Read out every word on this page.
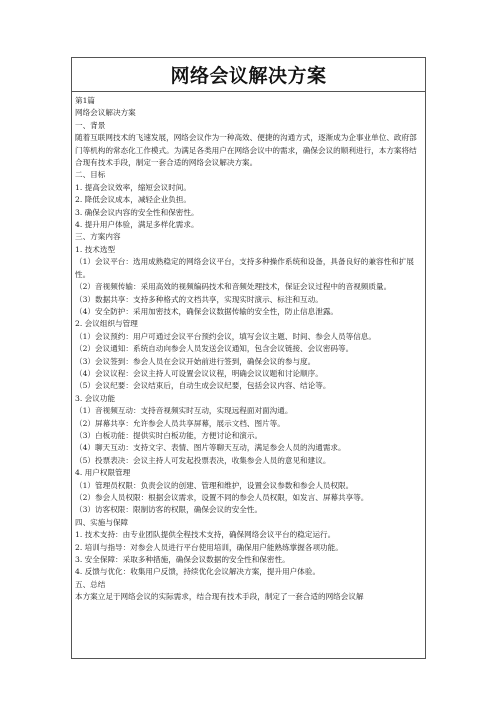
网络会议解决方案
第1篇
网络会议解决方案
一、背景
随着互联网技术的飞速发展，网络会议作为一种高效、便捷的沟通方式，逐渐成为企事业单位、政府部门等机构的常态化工作模式。为满足各类用户在网络会议中的需求，确保会议的顺利进行，本方案将结合现有技术手段，制定一套合适的网络会议解决方案。
二、目标
1. 提高会议效率，缩短会议时间。
2. 降低会议成本，减轻企业负担。
3. 确保会议内容的安全性和保密性。
4. 提升用户体验，满足多样化需求。
三、方案内容
1. 技术选型
（1）会议平台：选用成熟稳定的网络会议平台，支持多种操作系统和设备，具备良好的兼容性和扩展性。
（2）音视频传输：采用高效的视频编码技术和音频处理技术，保证会议过程中的音视频质量。
（3）数据共享：支持多种格式的文档共享，实现实时演示、标注和互动。
（4）安全防护：采用加密技术，确保会议数据传输的安全性，防止信息泄露。
2. 会议组织与管理
（1）会议预约：用户可通过会议平台预约会议，填写会议主题、时间、参会人员等信息。
（2）会议通知：系统自动向参会人员发送会议通知，包含会议链接、会议密码等。
（3）会议签到：参会人员在会议开始前进行签到，确保会议的参与度。
（4）会议议程：会议主持人可设置会议议程，明确会议议题和讨论顺序。
（5）会议纪要：会议结束后，自动生成会议纪要，包括会议内容、结论等。
3. 会议功能
（1）音视频互动：支持音视频实时互动，实现远程面对面沟通。
（2）屏幕共享：允许参会人员共享屏幕，展示文档、图片等。
（3）白板功能：提供实时白板功能，方便讨论和演示。
（4）聊天互动：支持文字、表情、图片等聊天互动，满足参会人员的沟通需求。
（5）投票表决：会议主持人可发起投票表决，收集参会人员的意见和建议。
4. 用户权限管理
（1）管理员权限：负责会议的创建、管理和维护，设置会议参数和参会人员权限。
（2）参会人员权限：根据会议需求，设置不同的参会人员权限，如发言、屏幕共享等。
（3）访客权限：限制访客的权限，确保会议的安全性。
四、实施与保障
1. 技术支持：由专业团队提供全程技术支持，确保网络会议平台的稳定运行。
2. 培训与指导：对参会人员进行平台使用培训，确保用户能熟练掌握各项功能。
3. 安全保障：采取多种措施，确保会议数据的安全性和保密性。
4. 反馈与优化：收集用户反馈，持续优化会议解决方案，提升用户体验。
五、总结
本方案立足于网络会议的实际需求，结合现有技术手段，制定了一套合适的网络会议解
